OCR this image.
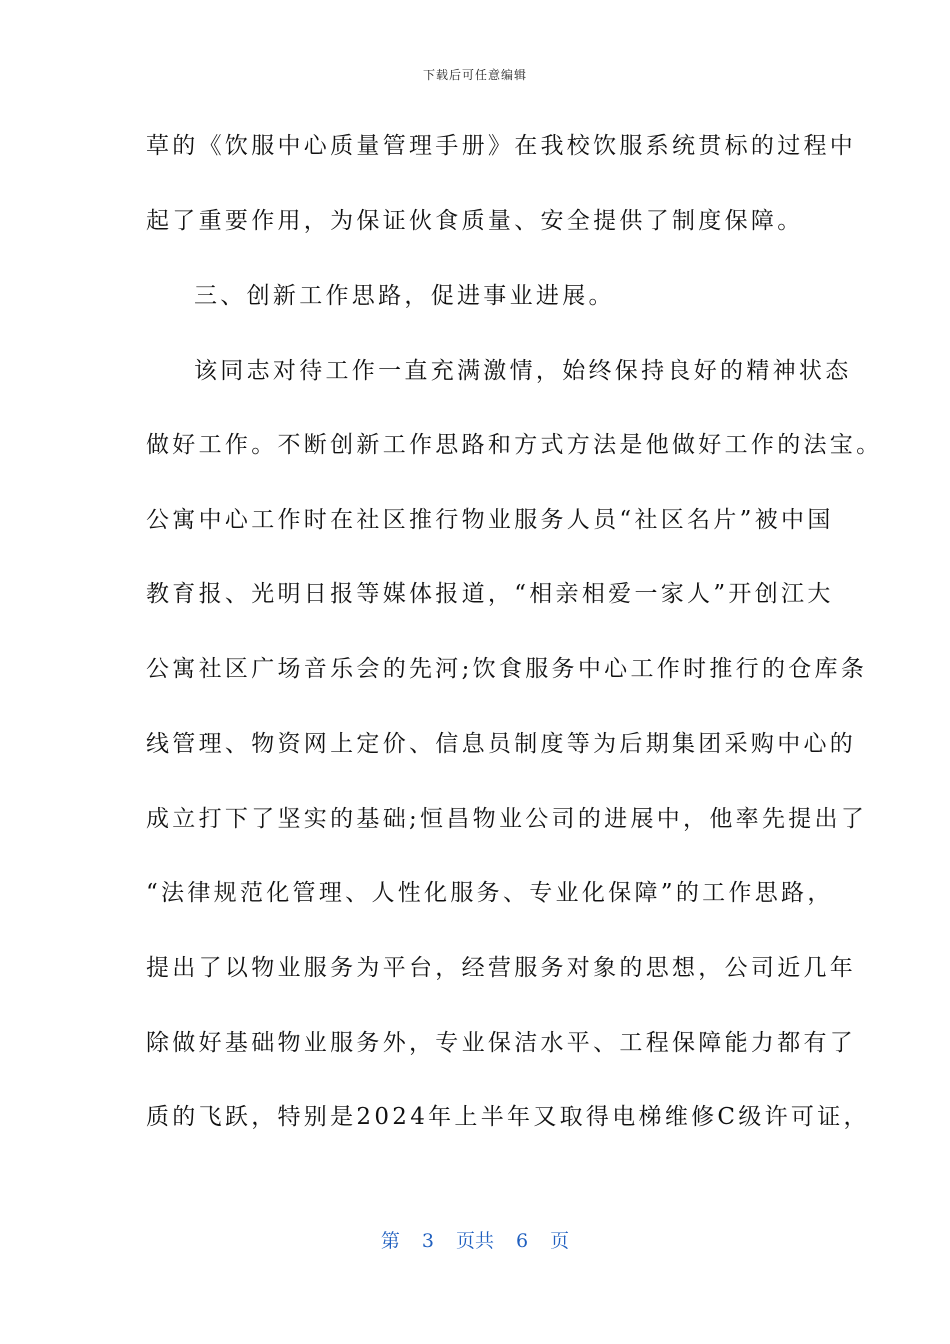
下载后可任意编辑
草的《饮服中心质量管理手册》在我校饮服系统贯标的过程中
起了重要作用，为保证伙食质量、安全提供了制度保障。
三、创新工作思路，促进事业进展。
该同志对待工作一直充满激情，始终保持良好的精神状态
做好工作。不断创新工作思路和方式方法是他做好工作的法宝。
公寓中心工作时在社区推行物业服务人员“社区名片”被中国
教育报、光明日报等媒体报道，“相亲相爱一家人”开创江大
公寓社区广场音乐会的先河;饮食服务中心工作时推行的仓库条
线管理、物资网上定价、信息员制度等为后期集团采购中心的
成立打下了坚实的基础;恒昌物业公司的进展中，他率先提出了
“法律规范化管理、人性化服务、专业化保障”的工作思路，
提出了以物业服务为平台，经营服务对象的思想，公司近几年
除做好基础物业服务外，专业保洁水平、工程保障能力都有了
质的飞跃，特别是2024年上半年又取得电梯维修C级许可证，
第 3 页共 6 页
